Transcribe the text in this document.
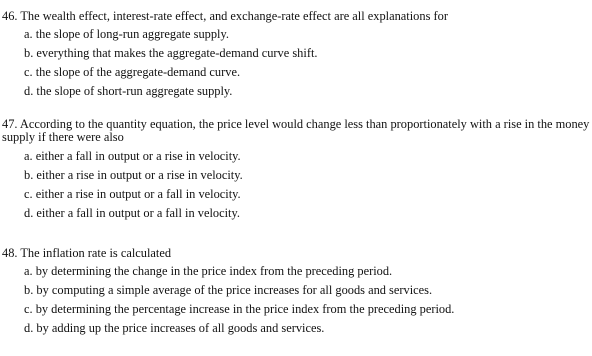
46. The wealth effect, interest-rate effect, and exchange-rate effect are all explanations for

a. the slope of long-run aggregate supply.
b. everything that makes the aggregate-demand curve shift.
c. the slope of the aggregate-demand curve.
d. the slope of short-run aggregate supply.

47. According to the quantity equation, the price level would change less than proportionately with a rise in the money supply if there were also

a. either a fall in output or a rise in velocity.
b. either a rise in output or a rise in velocity.
c. either a rise in output or a fall in velocity.
d. either a fall in output or a fall in velocity.

48. The inflation rate is calculated

a. by determining the change in the price index from the preceding period.
b. by computing a simple average of the price increases for all goods and services.
c. by determining the percentage increase in the price index from the preceding period.
d. by adding up the price increases of all goods and services.
